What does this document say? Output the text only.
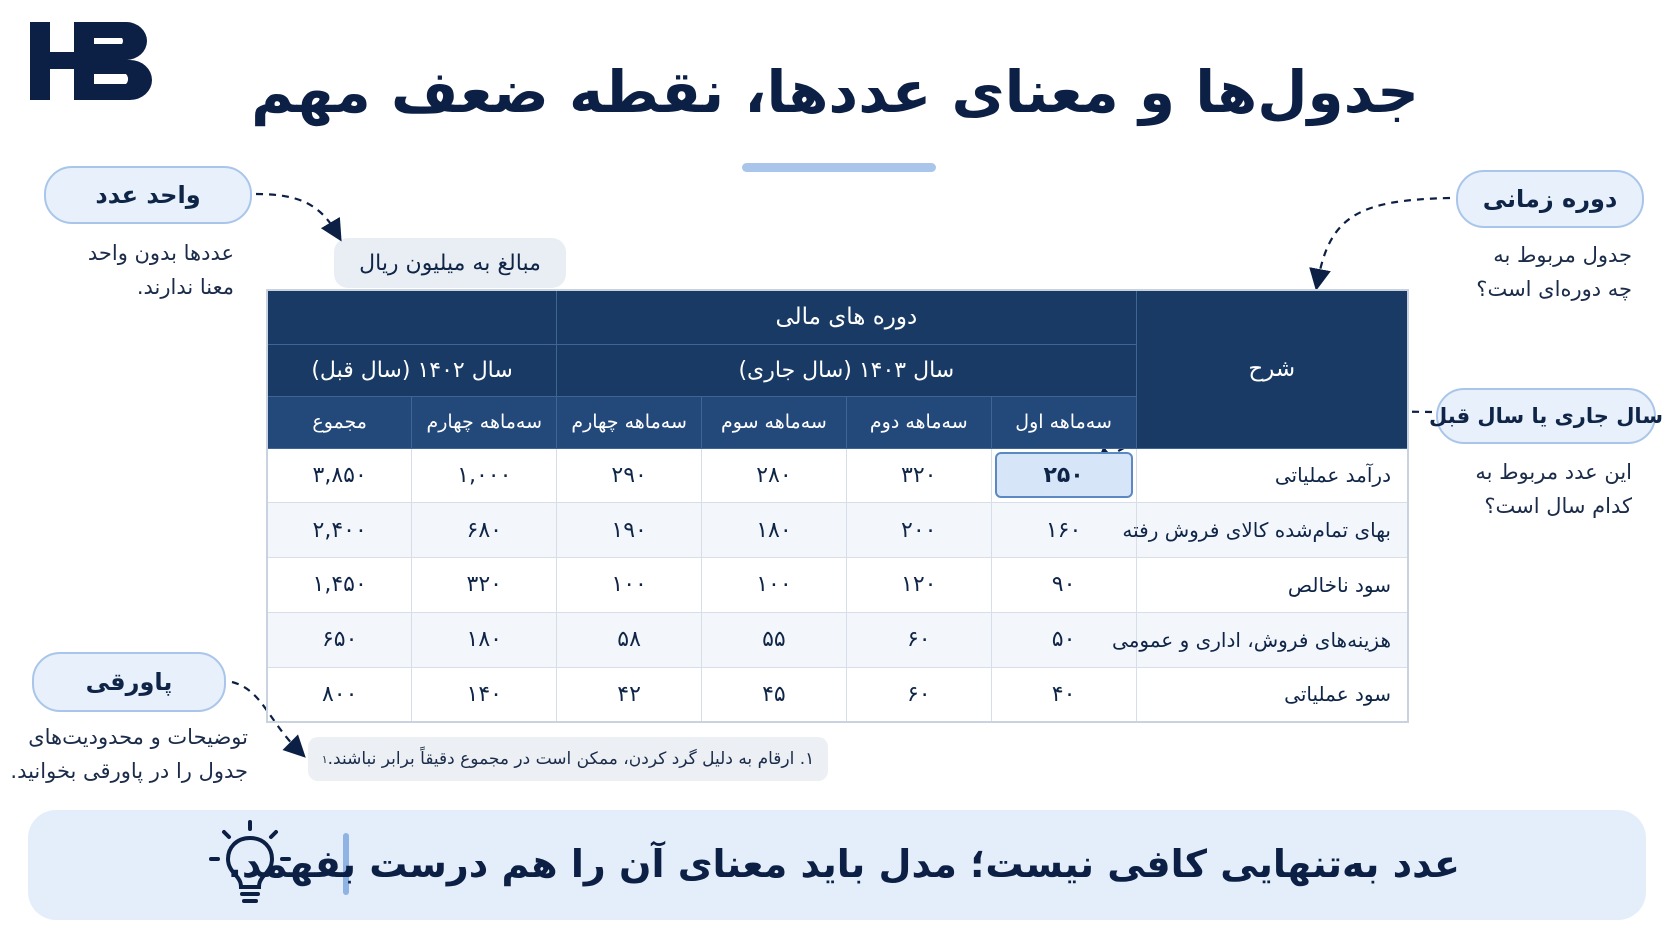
جدول‌ها و معنای عددها، نقطه ضعف مهم
واحد عدد
عددها بدون واحد
معنا ندارند.
دوره زمانی
جدول مربوط به
چه دوره‌ای است؟
سال جاری یا سال قبل
این عدد مربوط به
کدام سال است؟
پاورقی
توضیحات و محدودیت‌های
جدول را در پاورقی بخوانید.
مبالغ به میلیون ریال
شرح	دوره های مالی					
	سال ۱۴۰۳ (سال جاری)				سال ۱۴۰۲ (سال قبل)	
	سه‌ماهه اول	سه‌ماهه دوم	سه‌ماهه سوم	سه‌ماهه چهارم	سه‌ماهه چهارم	مجموع
درآمد عملیاتی	۲۵۰	۳۲۰	۲۸۰	۲۹۰	۱,۰۰۰	۳,۸۵۰
بهای تمام‌شده کالای فروش رفته	۱۶۰	۲۰۰	۱۸۰	۱۹۰	۶۸۰	۲,۴۰۰
سود ناخالص	۹۰	۱۲۰	۱۰۰	۱۰۰	۳۲۰	۱,۴۵۰
هزینه‌های فروش، اداری و عمومی	۵۰	۶۰	۵۵	۵۸	۱۸۰	۶۵۰
سود عملیاتی	۴۰	۶۰	۴۵	۴۲	۱۴۰	۸۰۰
۱. ارقام به دلیل گرد کردن، ممکن است در مجموع دقیقاً برابر نباشند.
۱
عدد به‌تنهایی کافی نیست؛ مدل باید معنای آن را هم درست بفهمد.
